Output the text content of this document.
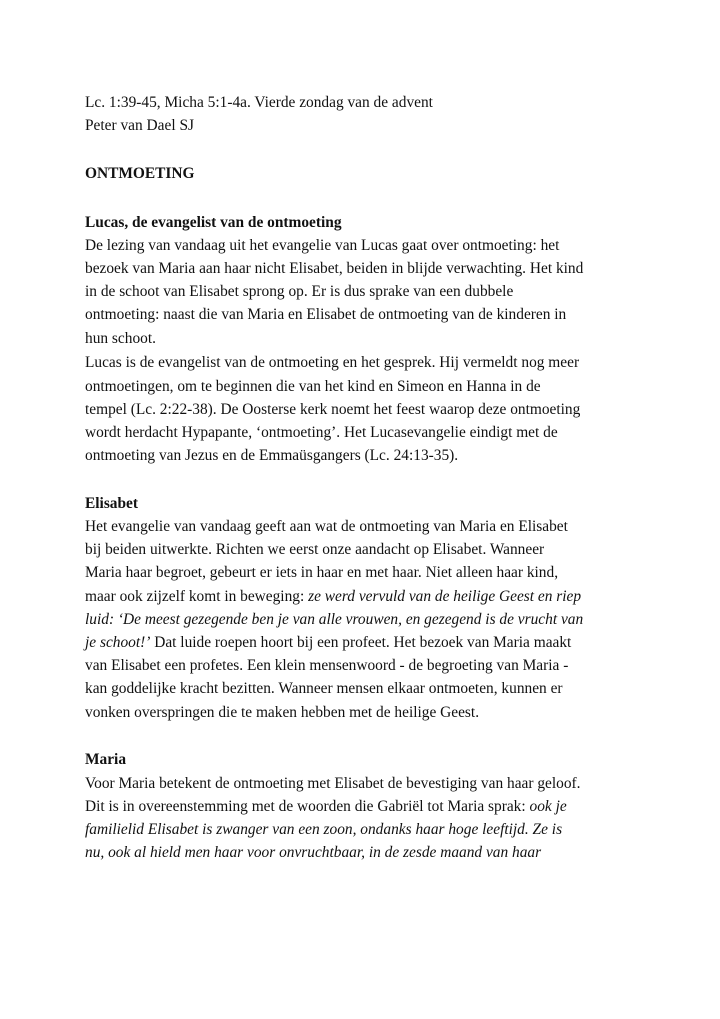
Lc. 1:39-45, Micha 5:1-4a. Vierde zondag van de advent

Peter van Dael SJ

ONTMOETING

Lucas, de evangelist van de ontmoeting

De lezing van vandaag uit het evangelie van Lucas gaat over ontmoeting: het
bezoek van Maria aan haar nicht Elisabet, beiden in blijde verwachting. Het kind
in de schoot van Elisabet sprong op. Er is dus sprake van een dubbele
ontmoeting: naast die van Maria en Elisabet de ontmoeting van de kinderen in
hun schoot.
Lucas is de evangelist van de ontmoeting en het gesprek. Hij vermeldt nog meer
ontmoetingen, om te beginnen die van het kind en Simeon en Hanna in de
tempel (Lc. 2:22-38). De Oosterse kerk noemt het feest waarop deze ontmoeting
wordt herdacht Hypapante, ‘ontmoeting’. Het Lucasevangelie eindigt met de
ontmoeting van Jezus en de Emmaüsgangers (Lc. 24:13-35).

Elisabet

Het evangelie van vandaag geeft aan wat de ontmoeting van Maria en Elisabet
bij beiden uitwerkte. Richten we eerst onze aandacht op Elisabet. Wanneer
Maria haar begroet, gebeurt er iets in haar en met haar. Niet alleen haar kind,
maar ook zijzelf komt in beweging: ze werd vervuld van de heilige Geest en riep
luid: ‘De meest gezegende ben je van alle vrouwen, en gezegend is de vrucht van
je schoot!’ Dat luide roepen hoort bij een profeet. Het bezoek van Maria maakt
van Elisabet een profetes. Een klein mensenwoord - de begroeting van Maria -
kan goddelijke kracht bezitten. Wanneer mensen elkaar ontmoeten, kunnen er
vonken overspringen die te maken hebben met de heilige Geest.

Maria

Voor Maria betekent de ontmoeting met Elisabet de bevestiging van haar geloof.
Dit is in overeenstemming met de woorden die Gabriël tot Maria sprak: ook je
familielid Elisabet is zwanger van een zoon, ondanks haar hoge leeftijd. Ze is
nu, ook al hield men haar voor onvruchtbaar, in de zesde maand van haar
